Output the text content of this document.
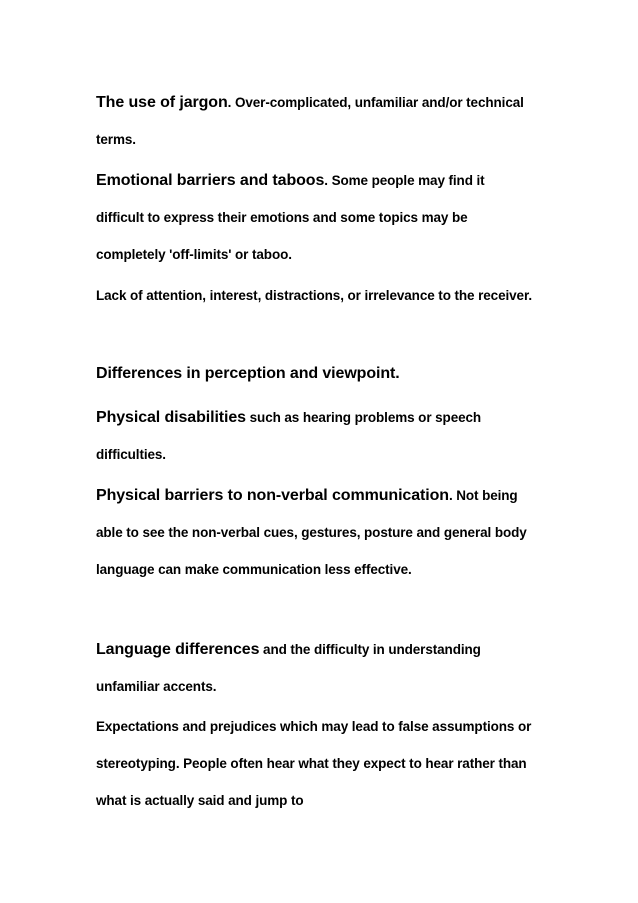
The use of jargon. Over-complicated, unfamiliar and/or technical terms.

Emotional barriers and taboos. Some people may find it difficult to express their emotions and some topics may be completely 'off-limits' or taboo.

Lack of attention, interest, distractions, or irrelevance to the receiver.

Differences in perception and viewpoint.

Physical disabilities such as hearing problems or speech difficulties.

Physical barriers to non-verbal communication. Not being able to see the non-verbal cues, gestures, posture and general body language can make communication less effective.

Language differences and the difficulty in understanding unfamiliar accents.

Expectations and prejudices which may lead to false assumptions or stereotyping. People often hear what they expect to hear rather than what is actually said and jump to
